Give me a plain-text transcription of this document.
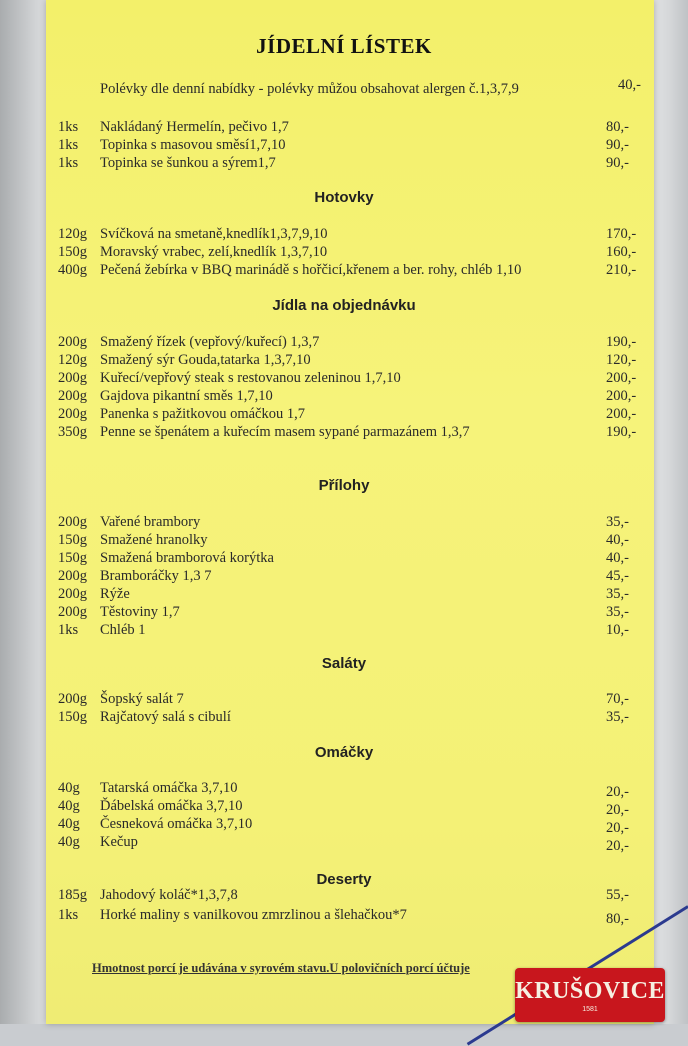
JÍDELNÍ LÍSTEK
Polévky dle denní nabídky - polévky můžou obsahovat alergen č.1,3,7,9	40,-
1ks Nakládaný Hermelín, pečivo 1,7	80,-
1ks Topinka s masovou směsí1,7,10	90,-
1ks Topinka se šunkou a sýrem1,7	90,-
Hotovky
120g Svíčková na smetaně,knedlík1,3,7,9,10	170,-
150g Moravský vrabec, zelí,knedlík 1,3,7,10	160,-
400g Pečená žebírka v BBQ marinádě s hořčicí,křenem a ber. rohy, chléb 1,10	210,-
Jídla na objednávku
200g Smažený řízek (vepřový/kuřecí) 1,3,7	190,-
120g Smažený sýr Gouda,tatarka 1,3,7,10	120,-
200g Kuřecí/vepřový steak s restovanou zeleninou 1,7,10	200,-
200g Gajdova pikantní směs 1,7,10	200,-
200g Panenka s pažitkovou omáčkou 1,7	200,-
350g Penne se špenátem a kuřecím masem sypané parmazánem 1,3,7	190,-
Přílohy
200g Vařené brambory	35,-
150g Smažené hranolky	40,-
150g Smažená bramborová korýtka	40,-
200g Bramboráčky 1,3 7	45,-
200g Rýže	35,-
200g Těstoviny 1,7	35,-
1ks Chléb 1	10,-
Saláty
200g Šopský salát 7	70,-
150g Rajčatový salá s cibulí	35,-
Omáčky
40g Tatarská omáčka 3,7,10	20,-
40g Ďábelská omáčka 3,7,10	20,-
40g Česneková omáčka 3,7,10	20,-
40g Kečup	20,-
Deserty
185g Jahodový koláč*1,3,7,8	55,-
1ks Horké maliny s vanilkovou zmrzlinou a šlehačkou*7	80,-
Hmotnost porcí je udávána v syrovém stavu.U polovičních porcí účtuje
KRUŠOVICE
1581
